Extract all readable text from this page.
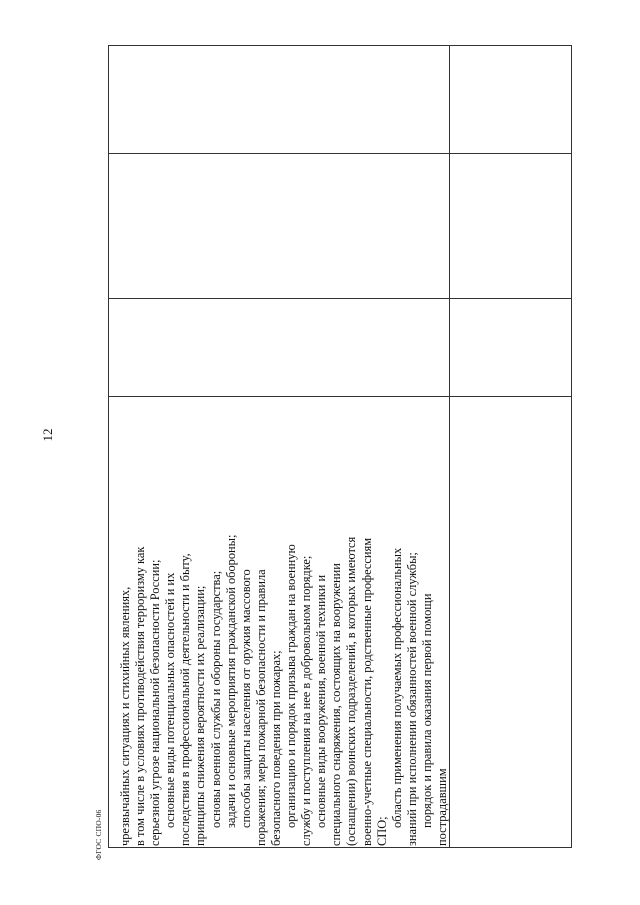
12

чрезвычайных ситуациях и стихийных явлениях, в том числе в условиях противодействия терроризму как серьезной угрозе национальной безопасности России; основные виды потенциальных опасностей и их последствия в профессиональной деятельности и быту, принципы снижения вероятности их реализации; основы военной службы и обороны государства; задачи и основные мероприятия гражданской обороны; способы защиты населения от оружия массового поражения; меры пожарной безопасности и правила безопасного поведения при пожарах; организацию и порядок призыва граждан на военную службу и поступления на нее в добровольном порядке; основные виды вооружения, военной техники и специального снаряжения, состоящих на вооружении (оснащении) воинских подразделений, в которых имеются военно-учетные специальности, родственные профессиям СПО;

область применения получаемых профессиональных знаний при исполнении обязанностей военной службы; порядок и правила оказания первой помощи пострадавшим

ФГОС СПО-06
